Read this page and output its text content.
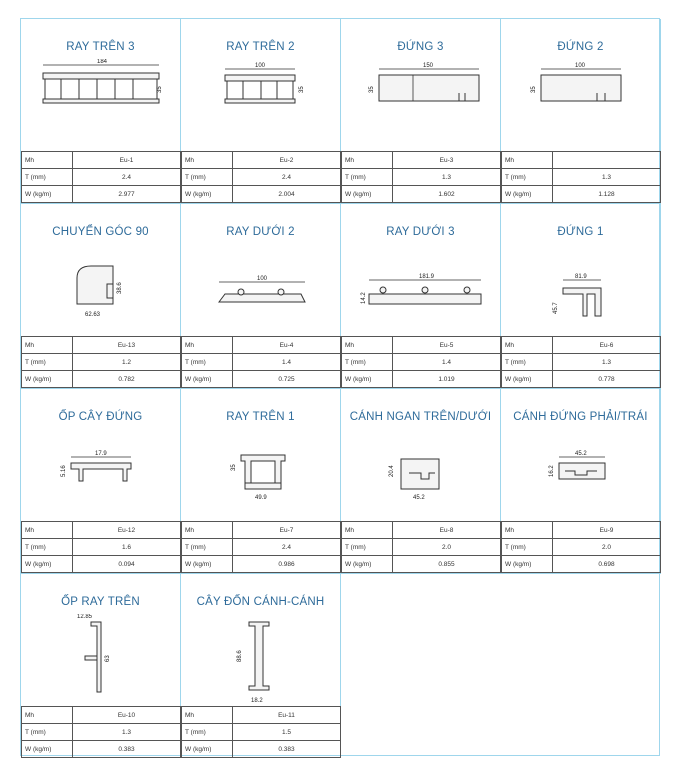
RAY TRÊN 3
184
35
Mh	Eu-1
T (mm)	2.4
W (kg/m)	2.977
RAY TRÊN 2
100
35
Mh	Eu-2
T (mm)	2.4
W (kg/m)	2.004
ĐỨNG 3
150
35
Mh	Eu-3
T (mm)	1.3
W (kg/m)	1.602
ĐỨNG 2
100
35
Mh	
T (mm)	1.3
W (kg/m)	1.128
CHUYỂN GÓC 90
38.6
62.63
Mh	Eu-13
T (mm)	1.2
W (kg/m)	0.782
RAY DƯỚI 2
100
Mh	Eu-4
T (mm)	1.4
W (kg/m)	0.725
RAY DƯỚI 3
181.9
14.2
Mh	Eu-5
T (mm)	1.4
W (kg/m)	1.019
ĐỨNG 1
81.9
45.7
Mh	Eu-6
T (mm)	1.3
W (kg/m)	0.778
ỐP CÂY ĐỨNG
17.9
5.16
Mh	Eu-12
T (mm)	1.6
W (kg/m)	0.094
RAY TRÊN 1
35
49.9
Mh	Eu-7
T (mm)	2.4
W (kg/m)	0.986
CÁNH NGAN TRÊN/DƯỚI
20.4
45.2
Mh	Eu-8
T (mm)	2.0
W (kg/m)	0.855
CÁNH ĐỨNG PHẢI/TRÁI
45.2
16.2
Mh	Eu-9
T (mm)	2.0
W (kg/m)	0.698
ỐP RAY TRÊN
12.85
63
Mh	Eu-10
T (mm)	1.3
W (kg/m)	0.383
CÂY ĐỐN CÁNH-CÁNH
88.6
18.2
Mh	Eu-11
T (mm)	1.5
W (kg/m)	0.383
